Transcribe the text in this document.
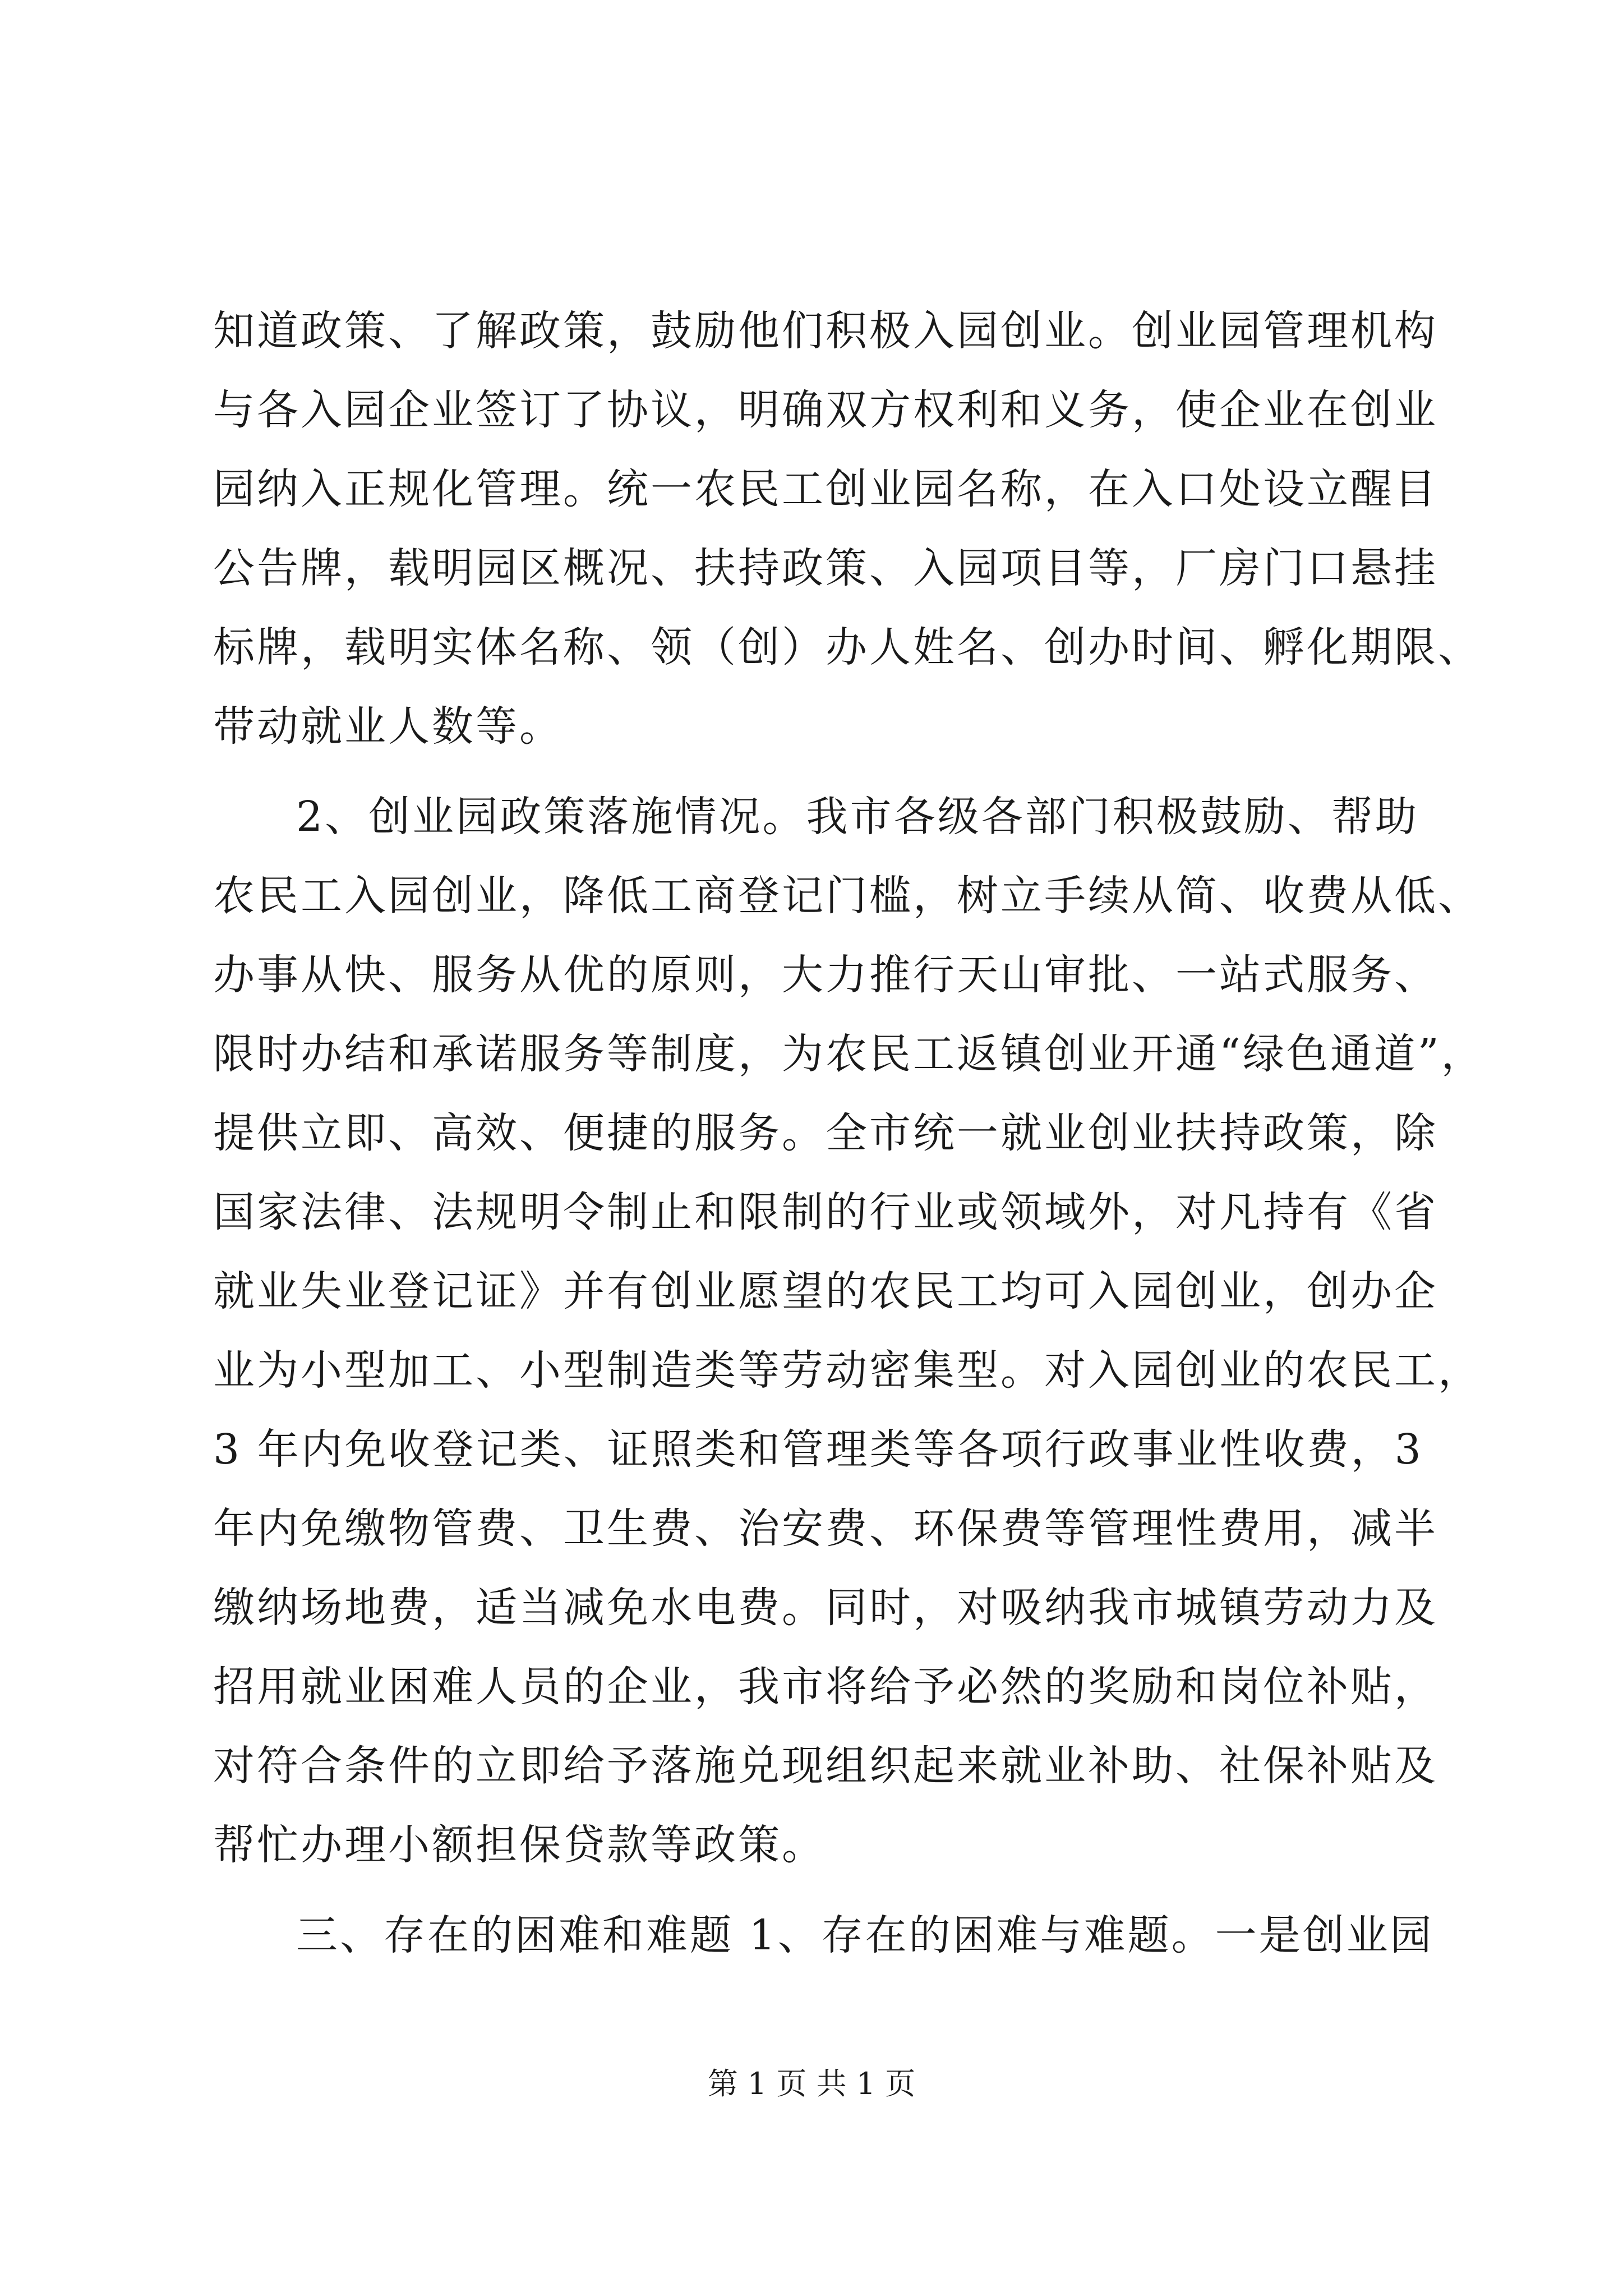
知道政策、了解政策，鼓励他们积极入园创业。创业园管理机构
与各入园企业签订了协议，明确双方权利和义务，使企业在创业
园纳入正规化管理。统一农民工创业园名称，在入口处设立醒目
公告牌，载明园区概况、扶持政策、入园项目等，厂房门口悬挂
标牌，载明实体名称、领（创）办人姓名、创办时间、孵化期限、
带动就业人数等。
2、创业园政策落施情况。我市各级各部门积极鼓励、帮助
农民工入园创业，降低工商登记门槛，树立手续从简、收费从低、
办事从快、服务从优的原则，大力推行天山审批、一站式服务、
限时办结和承诺服务等制度，为农民工返镇创业开通“绿色通道”，
提供立即、高效、便捷的服务。全市统一就业创业扶持政策，除
国家法律、法规明令制止和限制的行业或领域外，对凡持有《省
就业失业登记证》并有创业愿望的农民工均可入园创业，创办企
业为小型加工、小型制造类等劳动密集型。对入园创业的农民工，
3 年内免收登记类、证照类和管理类等各项行政事业性收费，3
年内免缴物管费、卫生费、治安费、环保费等管理性费用，减半
缴纳场地费，适当减免水电费。同时，对吸纳我市城镇劳动力及
招用就业困难人员的企业，我市将给予必然的奖励和岗位补贴，
对符合条件的立即给予落施兑现组织起来就业补助、社保补贴及
帮忙办理小额担保贷款等政策。
三、存在的困难和难题 1、存在的困难与难题。一是创业园
第 1 页 共 1 页
